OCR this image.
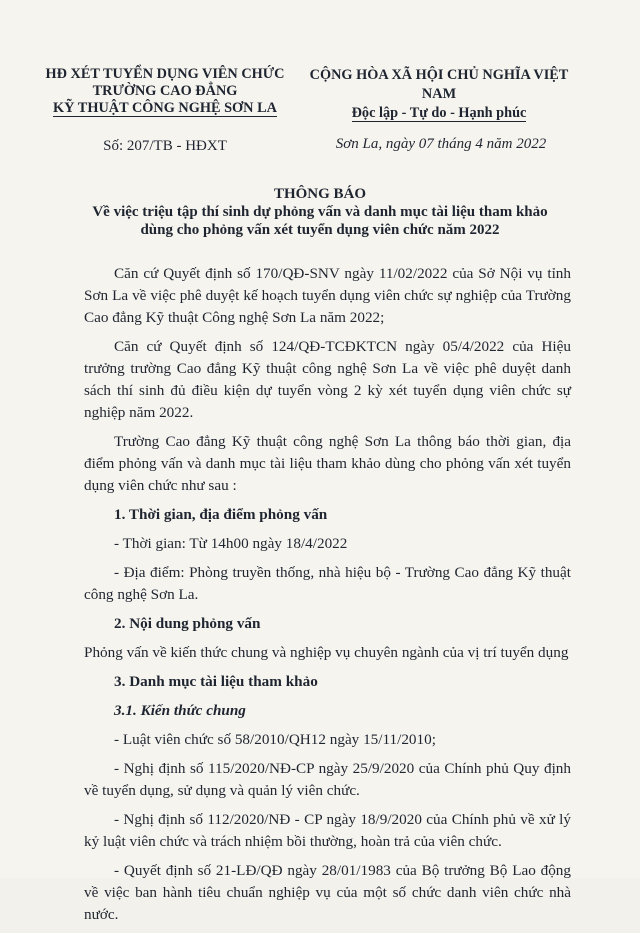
HĐ XÉT TUYỂN DỤNG VIÊN CHỨC
TRƯỜNG CAO ĐẲNG
KỸ THUẬT CÔNG NGHỆ SƠN LA
CỘNG HÒA XÃ HỘI CHỦ NGHĨA VIỆT NAM
Độc lập - Tự do - Hạnh phúc
Số: 207/TB - HĐXT	Sơn La, ngày 07 tháng 4 năm 2022
THÔNG BÁO
Về việc triệu tập thí sinh dự phỏng vấn và danh mục tài liệu tham khảo
dùng cho phỏng vấn xét tuyển dụng viên chức năm 2022

Căn cứ Quyết định số 170/QĐ-SNV ngày 11/02/2022 của Sở Nội vụ tỉnh Sơn La về việc phê duyệt kế hoạch tuyển dụng viên chức sự nghiệp của Trường Cao đẳng Kỹ thuật Công nghệ Sơn La năm 2022;

Căn cứ Quyết định số 124/QĐ-TCĐKTCN ngày 05/4/2022 của Hiệu trưởng trường Cao đẳng Kỹ thuật công nghệ Sơn La về việc phê duyệt danh sách thí sinh đủ điều kiện dự tuyển vòng 2 kỳ xét tuyển dụng viên chức sự nghiệp năm 2022.

Trường Cao đẳng Kỹ thuật công nghệ Sơn La thông báo thời gian, địa điểm phỏng vấn và danh mục tài liệu tham khảo dùng cho phỏng vấn xét tuyển dụng viên chức như sau :

1. Thời gian, địa điểm phỏng vấn

- Thời gian: Từ 14h00 ngày 18/4/2022

- Địa điểm: Phòng truyền thống, nhà hiệu bộ - Trường Cao đẳng Kỹ thuật công nghệ Sơn La.

2. Nội dung phỏng vấn

Phỏng vấn về kiến thức chung và nghiệp vụ chuyên ngành của vị trí tuyển dụng

3. Danh mục tài liệu tham khảo

3.1. Kiến thức chung

- Luật viên chức số 58/2010/QH12 ngày 15/11/2010;

- Nghị định số 115/2020/NĐ-CP ngày 25/9/2020 của Chính phủ Quy định về tuyển dụng, sử dụng và quản lý viên chức.

- Nghị định số 112/2020/NĐ - CP ngày 18/9/2020 của Chính phủ về xử lý kỷ luật viên chức và trách nhiệm bồi thường, hoàn trả của viên chức.

- Quyết định số 21-LĐ/QĐ ngày 28/01/1983 của Bộ trưởng Bộ Lao động về việc ban hành tiêu chuẩn nghiệp vụ của một số chức danh viên chức nhà nước.
